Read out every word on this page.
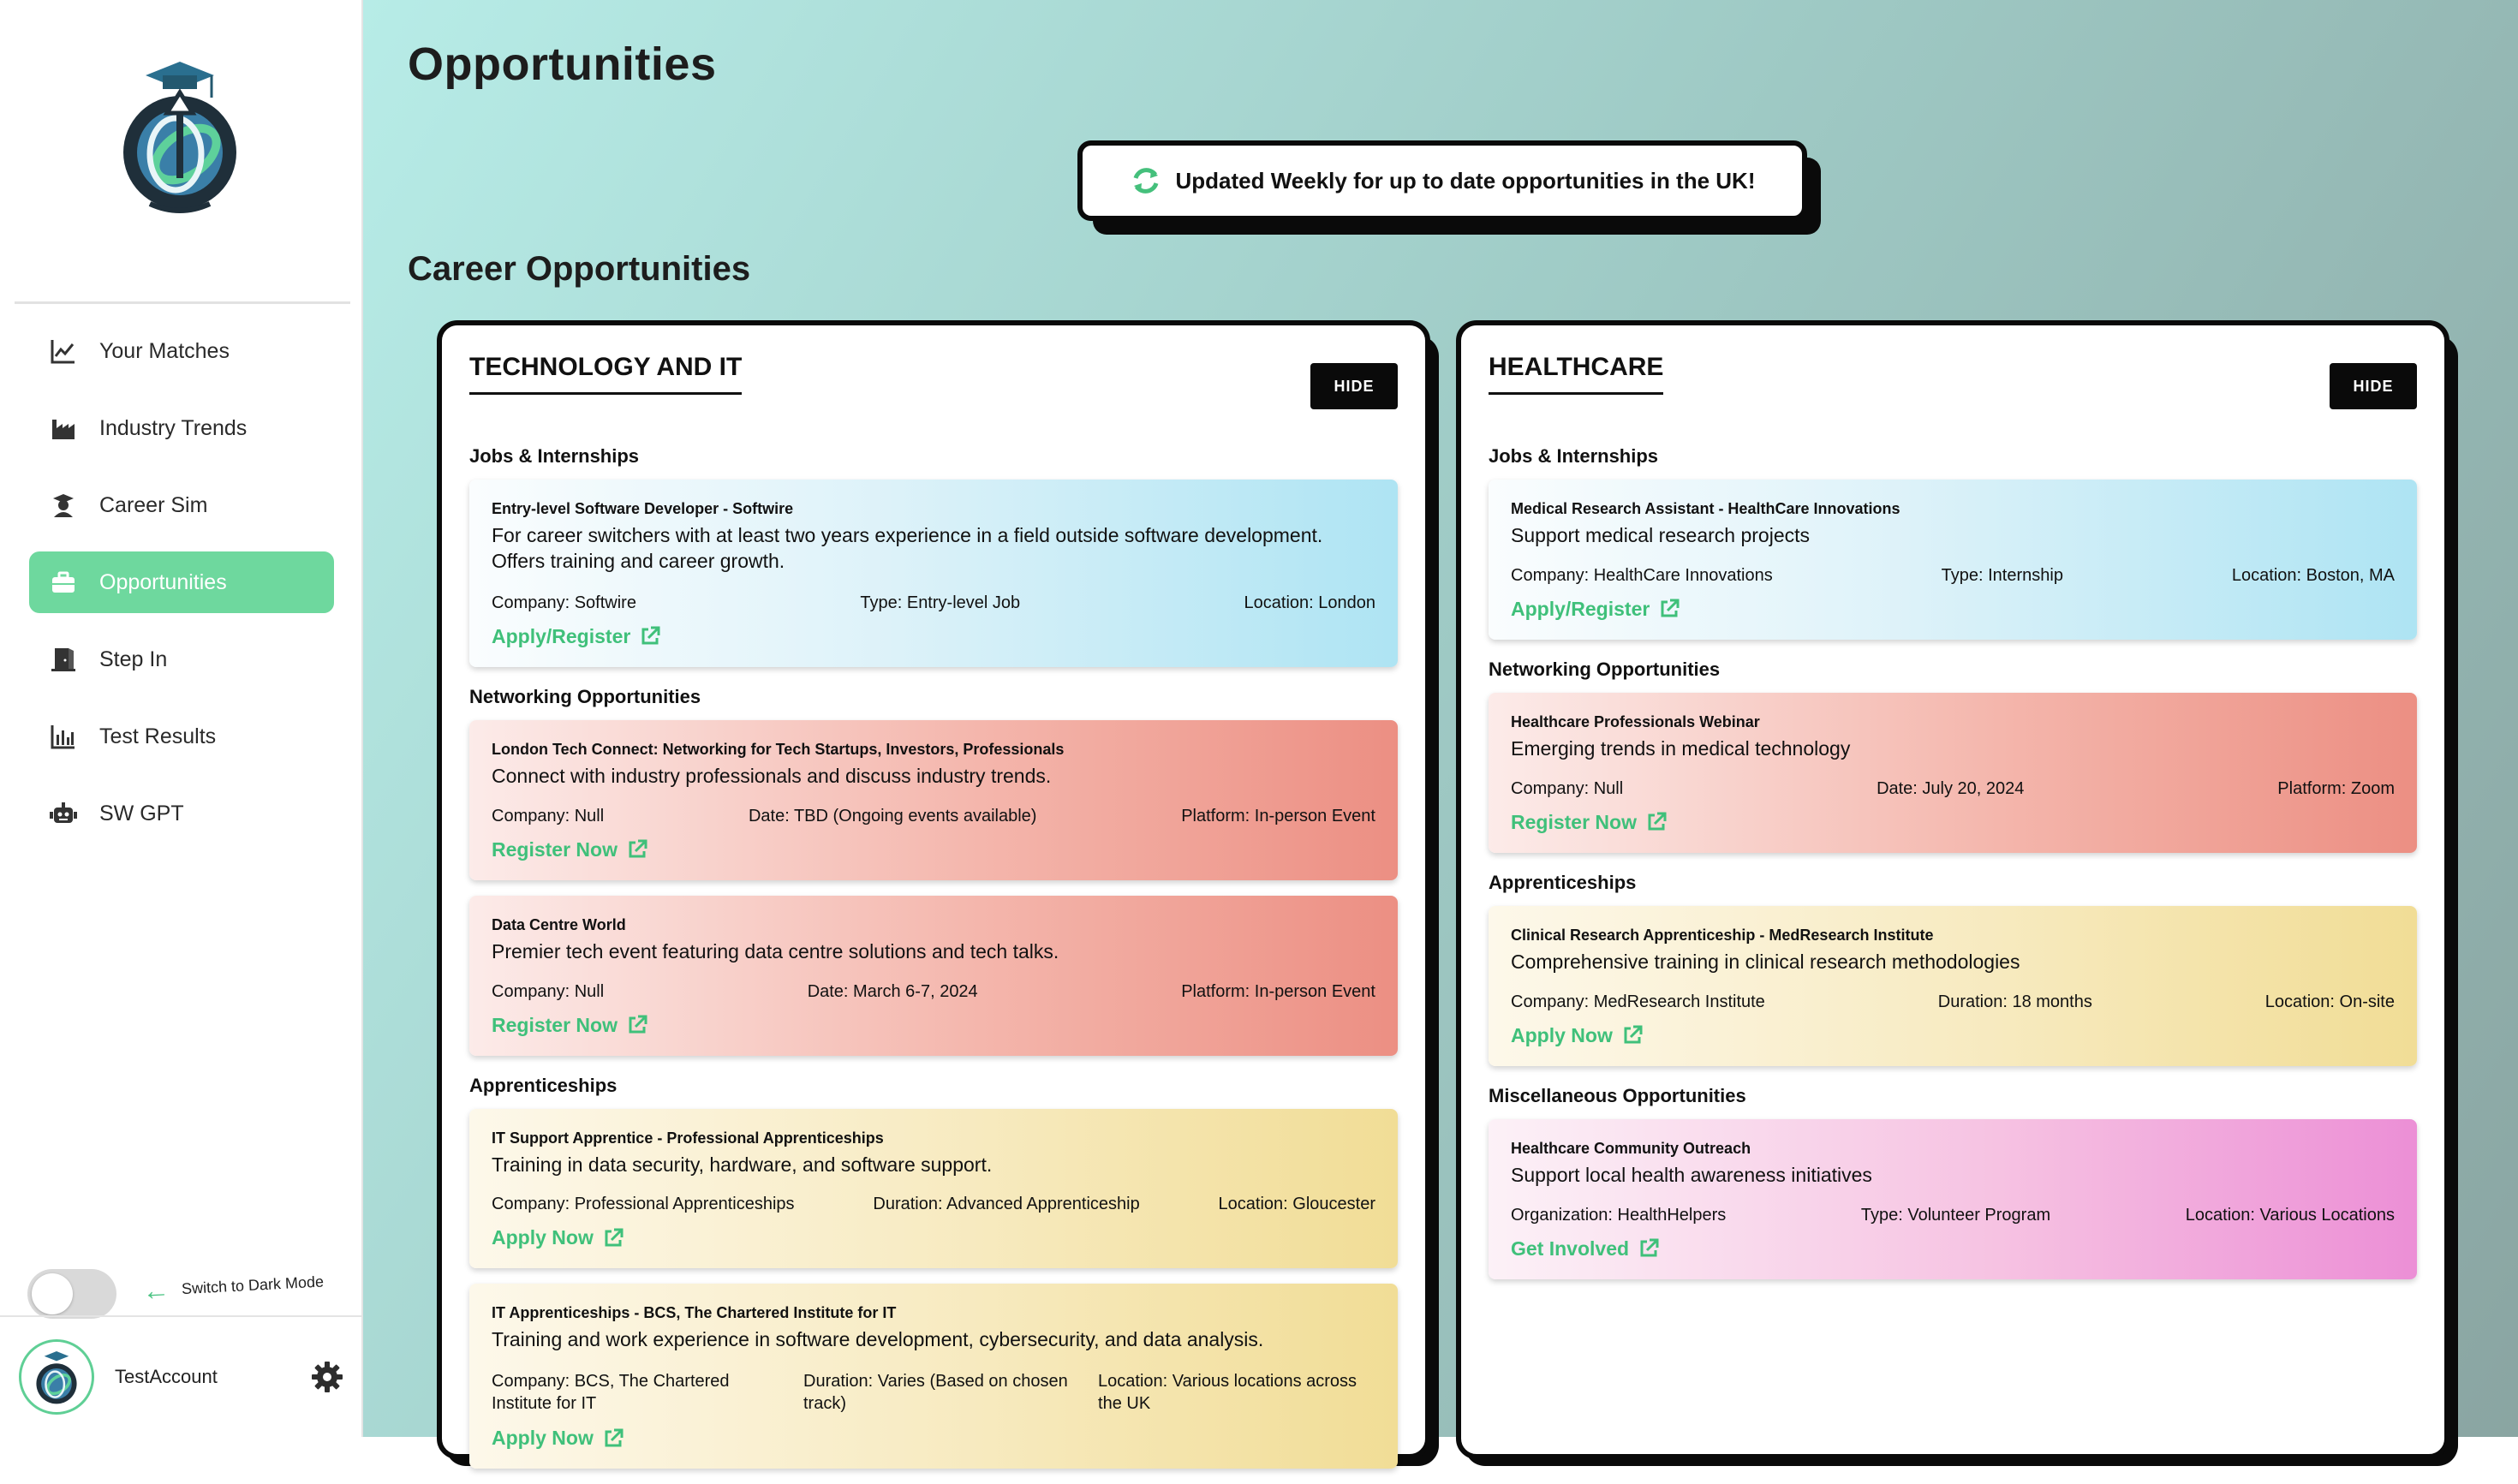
Your Matches
Industry Trends
Career Sim
Opportunities
Step In
Test Results
SW GPT
← Switch to Dark Mode
TestAccount
Opportunities
Updated Weekly for up to date opportunities in the UK!
Career Opportunities
TECHNOLOGY AND IT
HIDE
Jobs & Internships
Entry-level Software Developer - Softwire
For career switchers with at least two years experience in a field outside software development. Offers training and career growth.
Company: Softwire	Type: Entry-level Job	Location: London
Apply/Register
Networking Opportunities
London Tech Connect: Networking for Tech Startups, Investors, Professionals
Connect with industry professionals and discuss industry trends.
Company: Null	Date: TBD (Ongoing events available)	Platform: In-person Event
Register Now
Data Centre World
Premier tech event featuring data centre solutions and tech talks.
Company: Null	Date: March 6-7, 2024	Platform: In-person Event
Register Now
Apprenticeships
IT Support Apprentice - Professional Apprenticeships
Training in data security, hardware, and software support.
Company: Professional Apprenticeships	Duration: Advanced Apprenticeship	Location: Gloucester
Apply Now
IT Apprenticeships - BCS, The Chartered Institute for IT
Training and work experience in software development, cybersecurity, and data analysis.
Company: BCS, The Chartered Institute for IT
Duration: Varies (Based on chosen track)
Location: Various locations across the UK
Apply Now
HEALTHCARE
HIDE
Jobs & Internships
Medical Research Assistant - HealthCare Innovations
Support medical research projects
Company: HealthCare Innovations	Type: Internship	Location: Boston, MA
Apply/Register
Networking Opportunities
Healthcare Professionals Webinar
Emerging trends in medical technology
Company: Null	Date: July 20, 2024	Platform: Zoom
Register Now
Apprenticeships
Clinical Research Apprenticeship - MedResearch Institute
Comprehensive training in clinical research methodologies
Company: MedResearch Institute	Duration: 18 months	Location: On-site
Apply Now
Miscellaneous Opportunities
Healthcare Community Outreach
Support local health awareness initiatives
Organization: HealthHelpers	Type: Volunteer Program	Location: Various Locations
Get Involved
